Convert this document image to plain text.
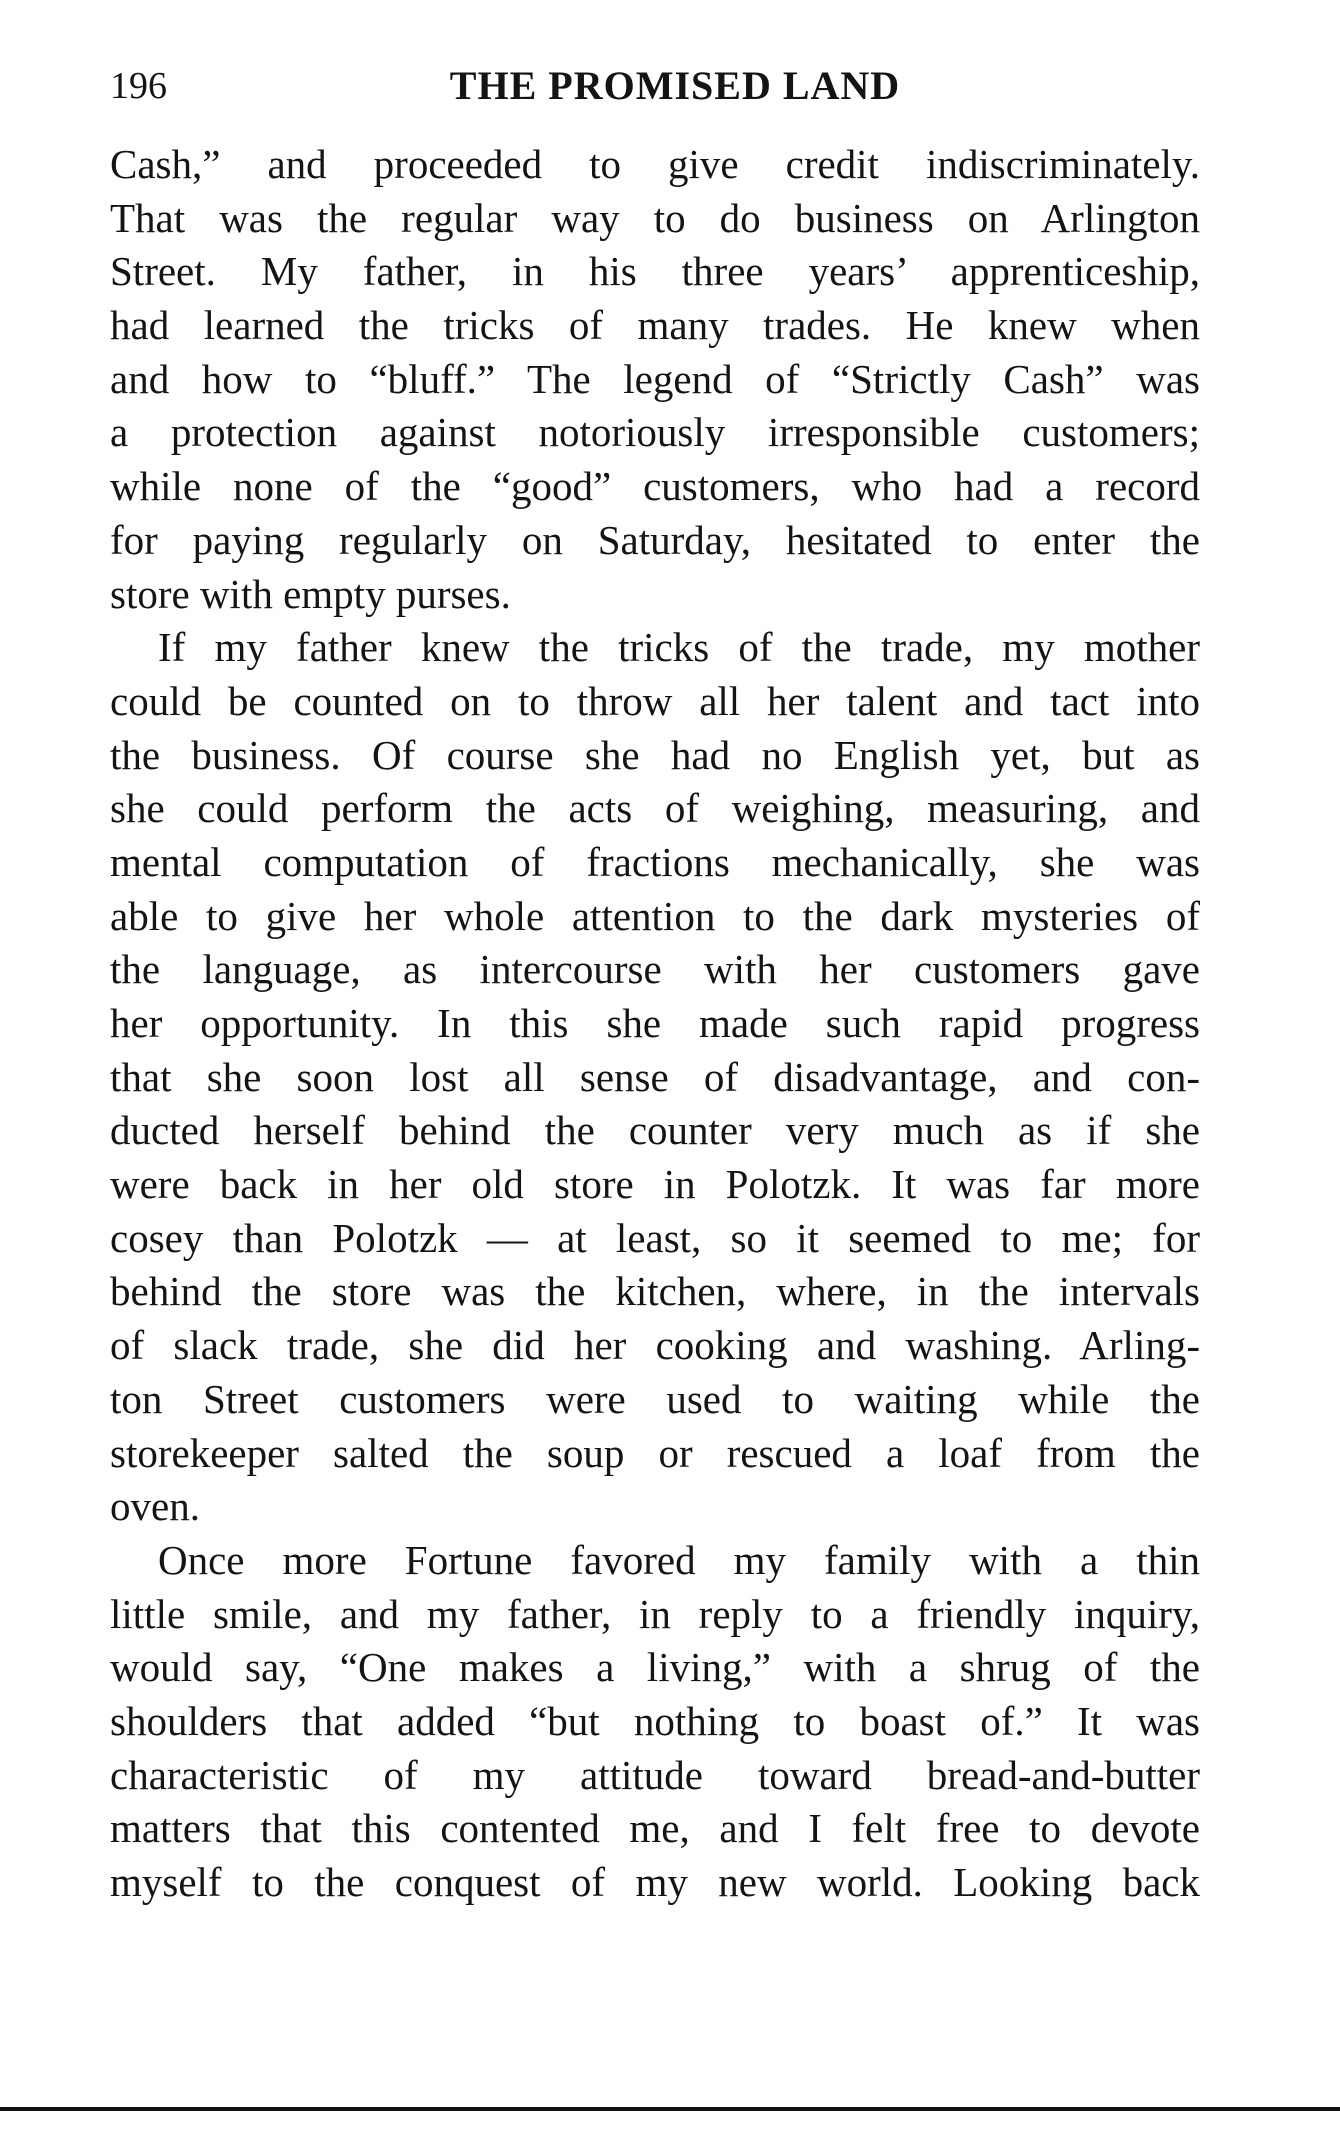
196	THE PROMISED LAND
Cash,” and proceeded to give credit indiscriminately.
That was the regular way to do business on Arlington
Street. My father, in his three years’ apprenticeship,
had learned the tricks of many trades. He knew when
and how to “bluff.” The legend of “Strictly Cash” was
a protection against notoriously irresponsible customers;
while none of the “good” customers, who had a record
for paying regularly on Saturday, hesitated to enter the
store with empty purses.
If my father knew the tricks of the trade, my mother
could be counted on to throw all her talent and tact into
the business. Of course she had no English yet, but as
she could perform the acts of weighing, measuring, and
mental computation of fractions mechanically, she was
able to give her whole attention to the dark mysteries of
the language, as intercourse with her customers gave
her opportunity. In this she made such rapid progress
that she soon lost all sense of disadvantage, and con-
ducted herself behind the counter very much as if she
were back in her old store in Polotzk. It was far more
cosey than Polotzk — at least, so it seemed to me; for
behind the store was the kitchen, where, in the intervals
of slack trade, she did her cooking and washing. Arling-
ton Street customers were used to waiting while the
storekeeper salted the soup or rescued a loaf from the
oven.
Once more Fortune favored my family with a thin
little smile, and my father, in reply to a friendly inquiry,
would say, “One makes a living,” with a shrug of the
shoulders that added “but nothing to boast of.” It was
characteristic of my attitude toward bread-and-butter
matters that this contented me, and I felt free to devote
myself to the conquest of my new world. Looking back
